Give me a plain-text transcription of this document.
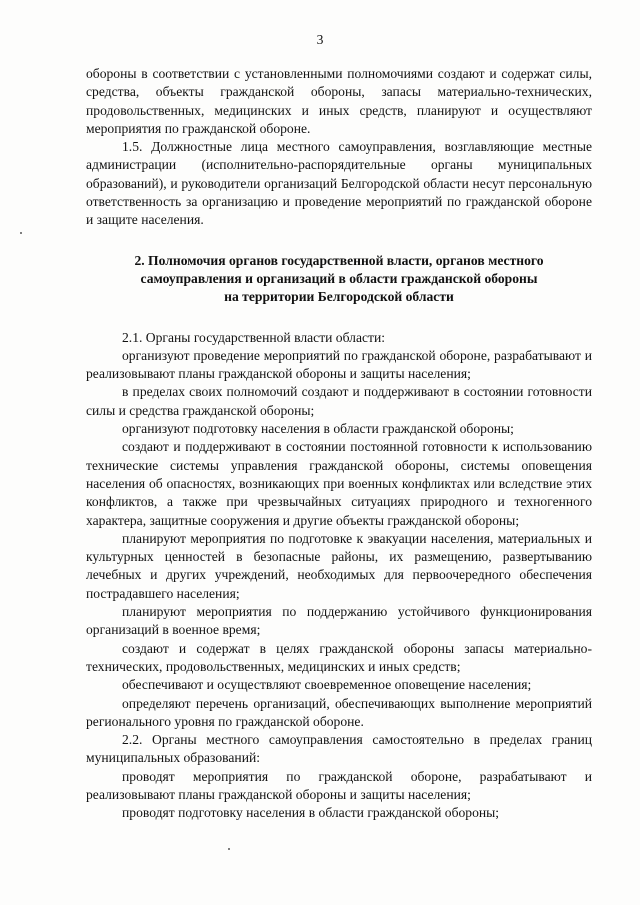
3

обороны в соответствии с установленными полномочиями создают и содержат силы, средства, объекты гражданской обороны, запасы материально-технических, продовольственных, медицинских и иных средств, планируют и осуществляют мероприятия по гражданской обороне.

1.5. Должностные лица местного самоуправления, возглавляющие местные администрации (исполнительно-распорядительные органы муниципальных образований), и руководители организаций Белгородской области несут персональную ответственность за организацию и проведение мероприятий по гражданской обороне и защите населения.

2. Полномочия органов государственной власти, органов местного
самоуправления и организаций в области гражданской обороны
на территории Белгородской области

2.1. Органы государственной власти области:

организуют проведение мероприятий по гражданской обороне, разрабатывают и реализовывают планы гражданской обороны и защиты населения;

в пределах своих полномочий создают и поддерживают в состоянии готовности силы и средства гражданской обороны;

организуют подготовку населения в области гражданской обороны;

создают и поддерживают в состоянии постоянной готовности к использованию технические системы управления гражданской обороны, системы оповещения населения об опасностях, возникающих при военных конфликтах или вследствие этих конфликтов, а также при чрезвычайных ситуациях природного и техногенного характера, защитные сооружения и другие объекты гражданской обороны;

планируют мероприятия по подготовке к эвакуации населения, материальных и культурных ценностей в безопасные районы, их размещению, развертыванию лечебных и других учреждений, необходимых для первоочередного обеспечения пострадавшего населения;

планируют мероприятия по поддержанию устойчивого функционирования организаций в военное время;

создают и содержат в целях гражданской обороны запасы материально-технических, продовольственных, медицинских и иных средств;

обеспечивают и осуществляют своевременное оповещение населения;

определяют перечень организаций, обеспечивающих выполнение мероприятий регионального уровня по гражданской обороне.

2.2. Органы местного самоуправления самостоятельно в пределах границ муниципальных образований:

проводят мероприятия по гражданской обороне, разрабатывают и реализовывают планы гражданской обороны и защиты населения;

проводят подготовку населения в области гражданской обороны;
